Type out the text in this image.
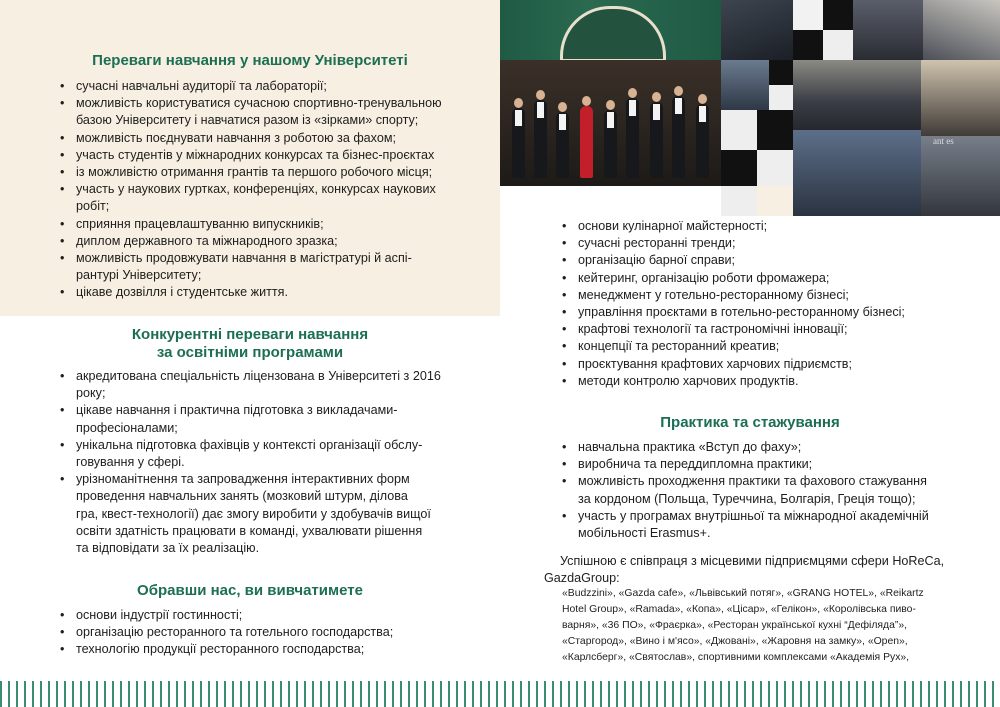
ant es
Переваги навчання у нашому Університеті
• сучасні навчальні аудиторії та лабораторії;
• можливість користуватися сучасною спортивно-тренувальною
базою Університету і навчатися разом із «зірками» спорту;
• можливість поєднувати навчання з роботою за фахом;
• участь студентів у міжнародних конкурсах та бізнес-проєктах
• із можливістю отримання грантів та першого робочого місця;
• участь у наукових гуртках, конференціях, конкурсах наукових
робіт;
• сприяння працевлаштуванню випускників;
• диплом державного та міжнародного зразка;
• можливість продовжувати навчання в магістратурі й аспі-
рантурі Університету;
• цікаве дозвілля і студентське життя.
Конкурентні переваги навчання
за освітніми програмами
• акредитована спеціальність ліцензована в Університеті з 2016
року;
• цікаве навчання і практична підготовка з викладачами-
професіоналами;
• унікальна підготовка фахівців у контексті організації обслу-
говування у сфері.
• урізноманітнення та запровадження інтерактивних форм
проведення навчальних занять (мозковий штурм, ділова
гра, квест-технології) дає змогу виробити у здобувачів вищої
освіти здатність працювати в команді, ухвалювати рішення
та відповідати за їх реалізацію.
Обравши нас, ви вивчатимете
• основи індустрії гостинності;
• організацію ресторанного та готельного господарства;
• технологію продукції ресторанного господарства;
• основи кулінарної майстерності;
• сучасні ресторанні тренди;
• організацію барної справи;
• кейтеринг, організацію роботи фромажера;
• менеджмент у готельно-ресторанному бізнесі;
• управління проєктами в готельно-ресторанному бізнесі;
• крафтові технології та гастрономічні інновації;
• концепції та ресторанний креатив;
• проєктування крафтових харчових підриємств;
• методи контролю харчових продуктів.
Практика та стажування
• навчальна практика «Вступ до фаху»;
• виробнича та переддипломна практики;
• можливість проходження практики та фахового стажування
за кордоном (Польща, Туреччина, Болгарія, Греція тощо);
• участь у програмах внутрішньої та міжнародної академічній
мобільності Erasmus+.
Успішною є співпраця з місцевими підприємцями сфери HoReCa,
GazdaGroup:
«Budzzini», «Gazda cafe», «Львівський потяг», «GRANG HOTEL», «Reikartz
Hotel Group», «Ramada», «Копа», «Ціcap», «Гелікон», «Королівська пиво-
варня», «36 ПО», «Фраєрка», «Ресторан української кухні “Дефіляда”»,
«Старгород», «Вино і м'ясо», «Джовані», «Жаровня на замку», «Open»,
«Карлсберг», «Святослав», спортивними комплексами «Академія Рух»,
